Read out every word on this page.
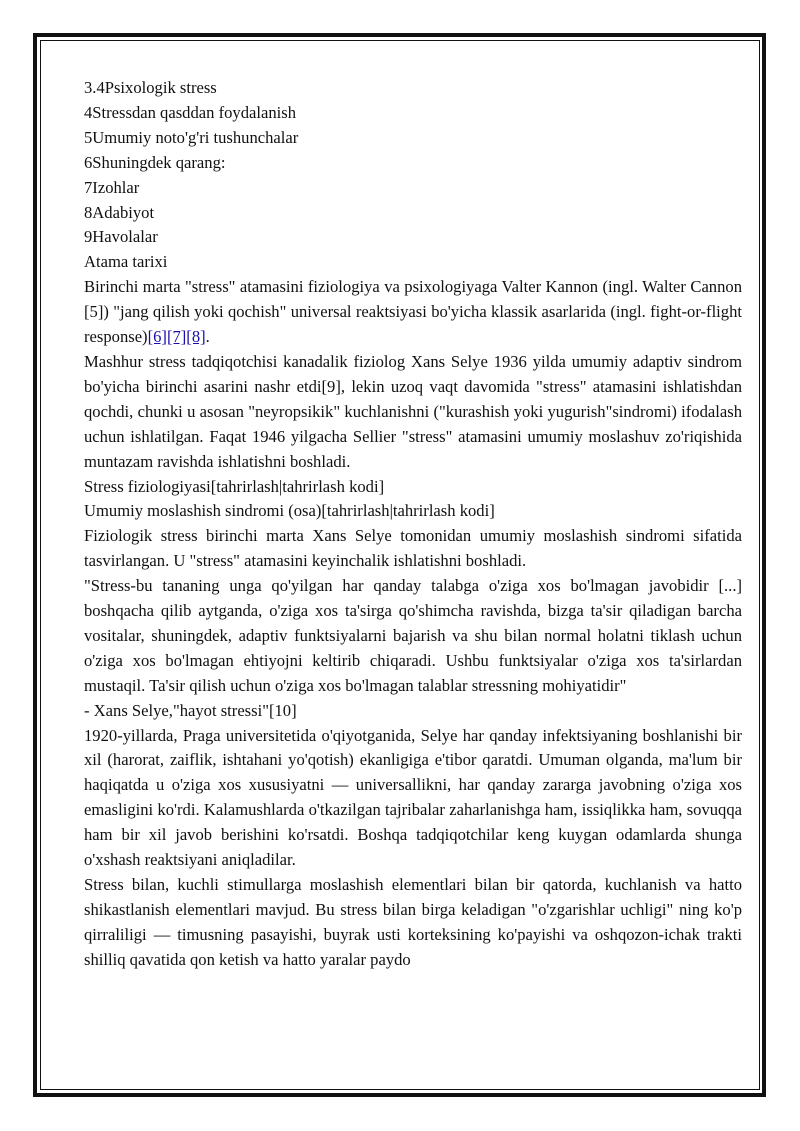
3.4Psixologik stress
4Stressdan qasddan foydalanish
5Umumiy noto'g'ri tushunchalar
6Shuningdek qarang:
7Izohlar
8Adabiyot
9Havolalar
Atama tarixi
Birinchi marta "stress" atamasini fiziologiya va psixologiyaga Valter Kannon (ingl. Walter Cannon [5]) "jang qilish yoki qochish" universal reaktsiyasi bo'yicha klassik asarlarida (ingl. fight-or-flight response)[6][7][8].
Mashhur stress tadqiqotchisi kanadalik fiziolog Xans Selye 1936 yilda umumiy adaptiv sindrom bo'yicha birinchi asarini nashr etdi[9], lekin uzoq vaqt davomida "stress" atamasini ishlatishdan qochdi, chunki u asosan "neyropsikik" kuchlanishni ("kurashish yoki yugurish"sindromi) ifodalash uchun ishlatilgan. Faqat 1946 yilgacha Sellier "stress" atamasini umumiy moslashuv zo'riqishida muntazam ravishda ishlatishni boshladi.
Stress fiziologiyasi[tahrirlash|tahrirlash kodi]
Umumiy moslashish sindromi (osa)[tahrirlash|tahrirlash kodi]
Fiziologik stress birinchi marta Xans Selye tomonidan umumiy moslashish sindromi sifatida tasvirlangan. U "stress" atamasini keyinchalik ishlatishni boshladi.
"Stress-bu tananing unga qo'yilgan har qanday talabga o'ziga xos bo'lmagan javobidir [...] boshqacha qilib aytganda, o'ziga xos ta'sirga qo'shimcha ravishda, bizga ta'sir qiladigan barcha vositalar, shuningdek, adaptiv funktsiyalarni bajarish va shu bilan normal holatni tiklash uchun o'ziga xos bo'lmagan ehtiyojni keltirib chiqaradi. Ushbu funktsiyalar o'ziga xos ta'sirlardan mustaqil. Ta'sir qilish uchun o'ziga xos bo'lmagan talablar stressning mohiyatidir"
- Xans Selye,"hayot stressi"[10]
1920-yillarda, Praga universitetida o'qiyotganida, Selye har qanday infektsiyaning boshlanishi bir xil (harorat, zaiflik, ishtahani yo'qotish) ekanligiga e'tibor qaratdi. Umuman olganda, ma'lum bir haqiqatda u o'ziga xos xususiyatni — universallikni, har qanday zararga javobning o'ziga xos emasligini ko'rdi. Kalamushlarda o'tkazilgan tajribalar zaharlanishga ham, issiqlikka ham, sovuqqa ham bir xil javob berishini ko'rsatdi. Boshqa tadqiqotchilar keng kuygan odamlarda shunga o'xshash reaktsiyani aniqladilar.
Stress bilan, kuchli stimullarga moslashish elementlari bilan bir qatorda, kuchlanish va hatto shikastlanish elementlari mavjud. Bu stress bilan birga keladigan "o'zgarishlar uchligi" ning ko'p qirraliligi — timusning pasayishi, buyrak usti korteksining ko'payishi va oshqozon-ichak trakti shilliq qavatida qon ketish va hatto yaralar paydo
